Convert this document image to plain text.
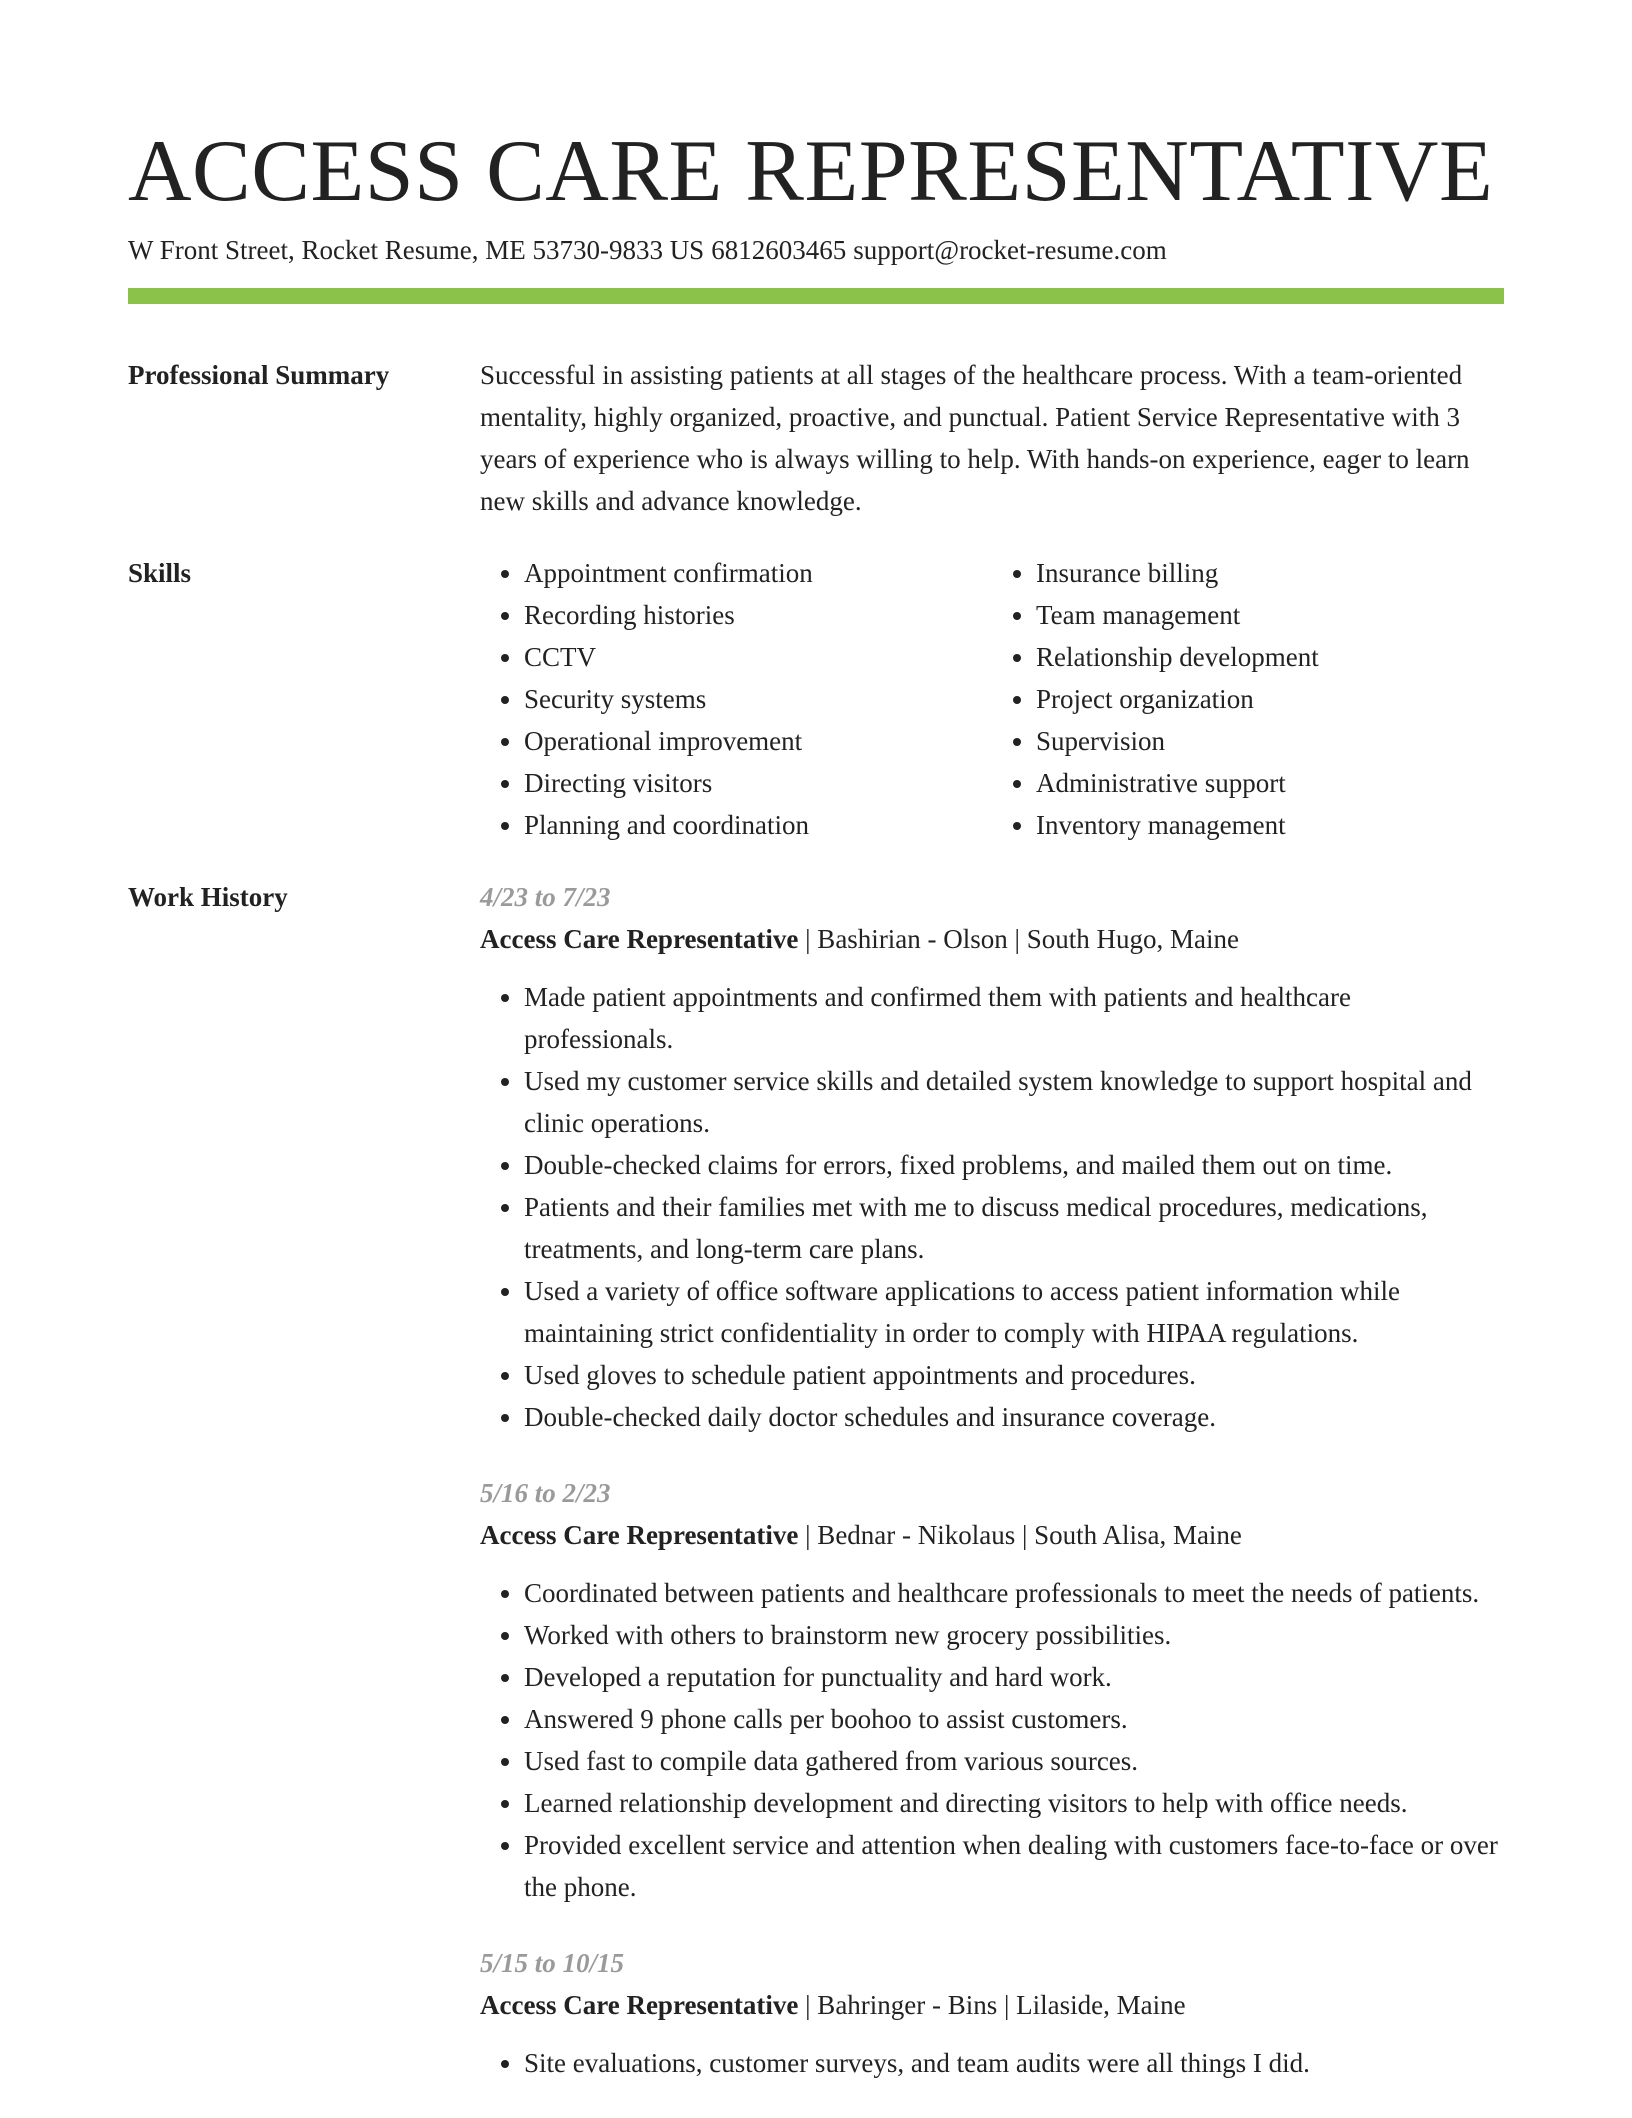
ACCESS CARE REPRESENTATIVE
W Front Street, Rocket Resume, ME 53730-9833 US 6812603465 support@rocket-resume.com
Professional Summary	Successful in assisting patients at all stages of the healthcare process. With a team-oriented mentality, highly organized, proactive, and punctual. Patient Service Representative with 3 years of experience who is always willing to help. With hands-on experience, eager to learn new skills and advance knowledge.

Skills
•	Appointment confirmation
• Recording histories
• CCTV
• Security systems
• Operational improvement
• Directing visitors
• Planning and coordination
• Insurance billing
• Team management
• Relationship development
• Project organization
• Supervision
• Administrative support
• Inventory management
Work History	4/23 to 7/23
Access Care Representative | Bashirian - Olson | South Hugo, Maine
• Made patient appointments and confirmed them with patients and healthcare professionals.
• Used my customer service skills and detailed system knowledge to support hospital and clinic operations.
• Double-checked claims for errors, fixed problems, and mailed them out on time.
• Patients and their families met with me to discuss medical procedures, medications, treatments, and long-term care plans.
• Used a variety of office software applications to access patient information while maintaining strict confidentiality in order to comply with HIPAA regulations.
• Used gloves to schedule patient appointments and procedures.
• Double-checked daily doctor schedules and insurance coverage.
5/16 to 2/23
Access Care Representative | Bednar - Nikolaus | South Alisa, Maine
• Coordinated between patients and healthcare professionals to meet the needs of patients.
• Worked with others to brainstorm new grocery possibilities.
• Developed a reputation for punctuality and hard work.
• Answered 9 phone calls per boohoo to assist customers.
• Used fast to compile data gathered from various sources.
• Learned relationship development and directing visitors to help with office needs.
• Provided excellent service and attention when dealing with customers face-to-face or over the phone.
5/15 to 10/15
Access Care Representative | Bahringer - Bins | Lilaside, Maine
• Site evaluations, customer surveys, and team audits were all things I did.
